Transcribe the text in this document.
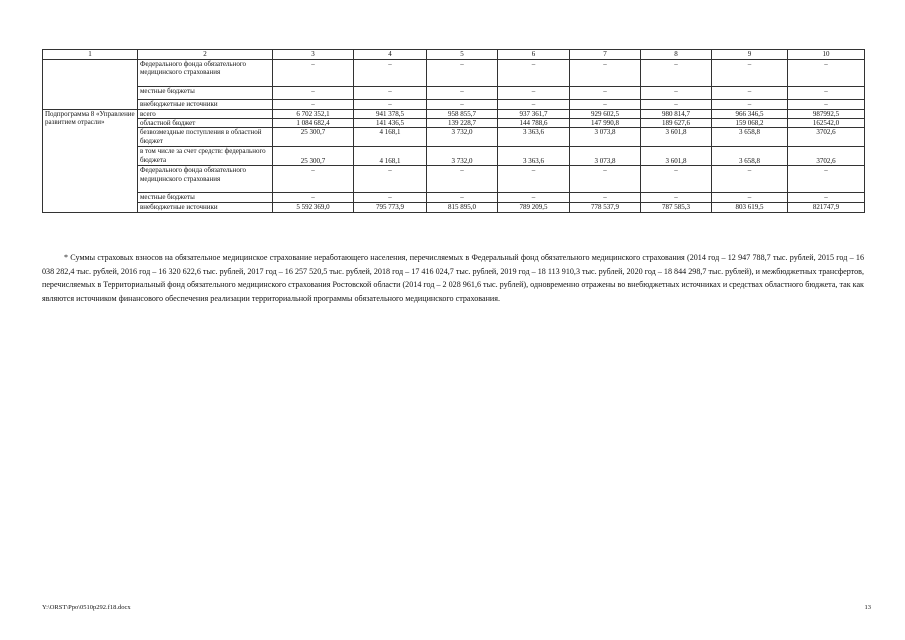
1	2	3	4	5	6	7	8	9	10
	Федерального фонда обязательного медицинского страхования	–	–	–	–	–	–	–	–
	местные бюджеты	–	–	–	–	–	–	–	–
	внебюджетные источники	–	–	–	–	–	–	–	–
Подпрограмма 8 «Управление развитием отрасли»	всего	6 702 352,1	941 378,5	958 855,7	937 361,7	929 602,5	980 814,7	966 346,5	987992,5
	областной бюджет	1 084 682,4	141 436,5	139 228,7	144 788,6	147 990,8	189 627,6	159 068,2	162542,0
	безвозмездные поступления в областной бюджет	25 300,7	4 168,1	3 732,0	3 363,6	3 073,8	3 601,8	3 658,8	3702,6
	в том числе за счет средств: федерального бюджета	25 300,7	4 168,1	3 732,0	3 363,6	3 073,8	3 601,8	3 658,8	3702,6
	Федерального фонда обязательного медицинского страхования	–	–	–	–	–	–	–	–
	местные бюджеты	–	–	–	–	–	–	–	–
	внебюджетные источники	5 592 369,0	795 773,9	815 895,0	789 209,5	778 537,9	787 585,3	803 619,5	821747,9

* Суммы страховых взносов на обязательное медицинское страхование неработающего населения, перечисляемых в Федеральный фонд обязательного медицинского страхования (2014 год – 12 947 788,7 тыс. рублей, 2015 год – 16 038 282,4 тыс. рублей, 2016 год – 16 320 622,6 тыс. рублей, 2017 год – 16 257 520,5 тыс. рублей, 2018 год – 17 416 024,7 тыс. рублей, 2019 год – 18 113 910,3 тыс. рублей, 2020 год – 18 844 298,7 тыс. рублей), и межбюджетных трансфертов, перечисляемых в Территориальный фонд обязательного медицинского страхования Ростовской области (2014 год – 2 028 961,6 тыс. рублей), одновременно отражены во внебюджетных источниках и средствах областного бюджета, так как являются источником финансового обеспечения реализации территориальной программы обязательного медицинского страхования.

Y:\ORST\Ppo\0510p292.f18.docx	13
